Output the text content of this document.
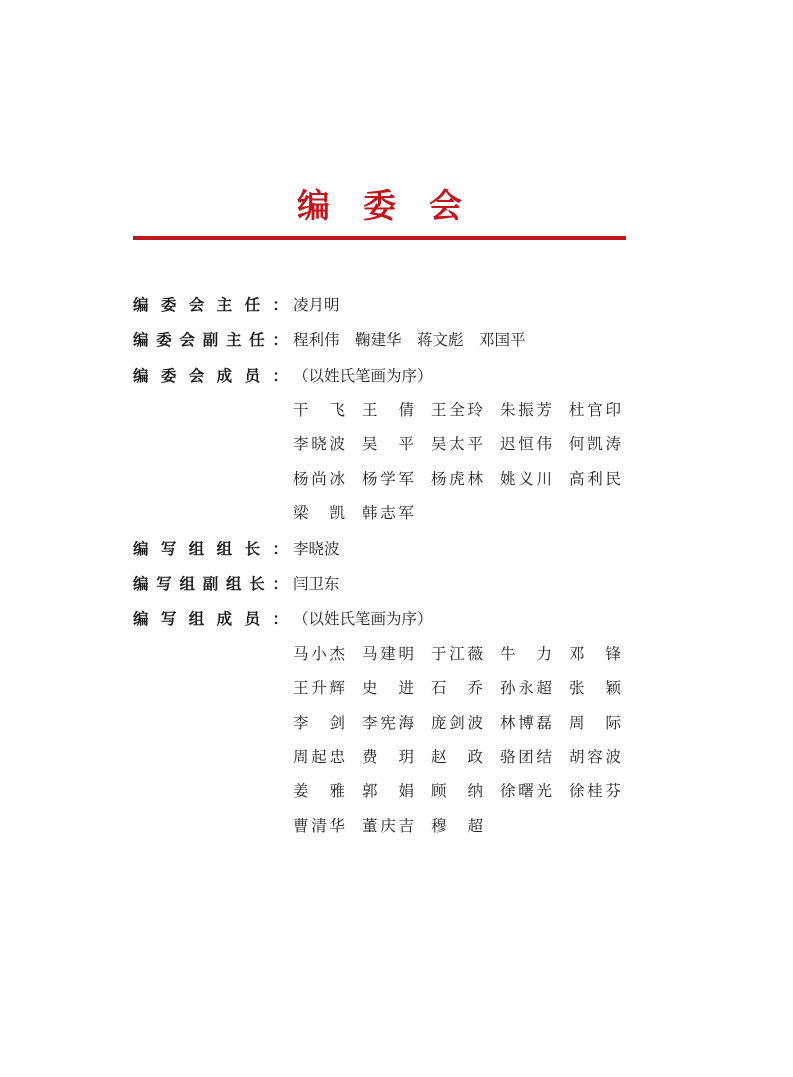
编委会
编 委 会 主 任 ： 凌月明
编 委 会 副 主 任 ： 程利伟　鞠建华　蒋文彪　邓国平
编 委 会 成 员 ： （以姓氏笔画为序）
干 飞 王 倩 王 全 玲 朱 振 芳 杜 官 印
李 晓 波 吴 平 吴 太 平 迟 恒 伟 何 凯 涛
杨 尚 冰 杨 学 军 杨 虎 林 姚 义 川 高 利 民
梁 凯 韩 志 军
编 写 组 组 长 ： 李晓波
编 写 组 副 组 长 ： 闫卫东
编 写 组 成 员 ： （以姓氏笔画为序）
马 小 杰 马 建 明 于 江 薇 牛 力 邓 锋
王 升 辉 史 进 石 乔 孙 永 超 张 颖
李 剑 李 宪 海 庞 剑 波 林 博 磊 周 际
周 起 忠 费 玥 赵 政 骆 团 结 胡 容 波
姜 雅 郭 娟 顾 纳 徐 曙 光 徐 桂 芬
曹 清 华 董 庆 吉 穆 超
